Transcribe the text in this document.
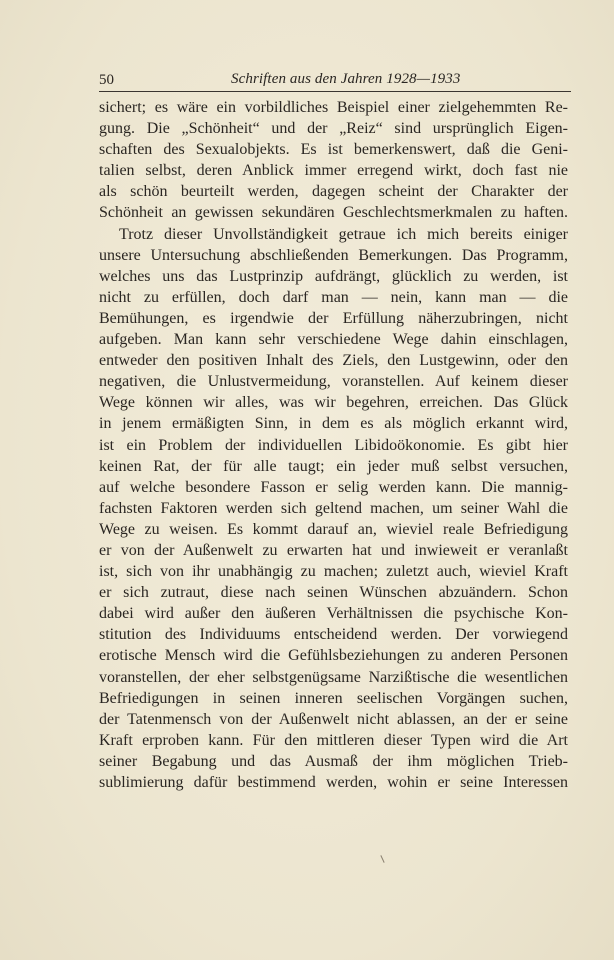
50	Schriften aus den Jahren 1928—1933
sichert; es wäre ein vorbildliches Beispiel einer zielgehemmten Re-
gung. Die „Schönheit“ und der „Reiz“ sind ursprünglich Eigen-
schaften des Sexualobjekts. Es ist bemerkenswert, daß die Geni-
talien selbst, deren Anblick immer erregend wirkt, doch fast nie
als schön beurteilt werden, dagegen scheint der Charakter der
Schönheit an gewissen sekundären Geschlechtsmerkmalen zu haften.
Trotz dieser Unvollständigkeit getraue ich mich bereits einiger
unsere Untersuchung abschließenden Bemerkungen. Das Programm,
welches uns das Lustprinzip aufdrängt, glücklich zu werden, ist
nicht zu erfüllen, doch darf man — nein, kann man — die
Bemühungen, es irgendwie der Erfüllung näherzubringen, nicht
aufgeben. Man kann sehr verschiedene Wege dahin einschlagen,
entweder den positiven Inhalt des Ziels, den Lustgewinn, oder den
negativen, die Unlustvermeidung, voranstellen. Auf keinem dieser
Wege können wir alles, was wir begehren, erreichen. Das Glück
in jenem ermäßigten Sinn, in dem es als möglich erkannt wird,
ist ein Problem der individuellen Libidoökonomie. Es gibt hier
keinen Rat, der für alle taugt; ein jeder muß selbst versuchen,
auf welche besondere Fasson er selig werden kann. Die mannig-
fachsten Faktoren werden sich geltend machen, um seiner Wahl die
Wege zu weisen. Es kommt darauf an, wieviel reale Befriedigung
er von der Außenwelt zu erwarten hat und inwieweit er veranlaßt
ist, sich von ihr unabhängig zu machen; zuletzt auch, wieviel Kraft
er sich zutraut, diese nach seinen Wünschen abzuändern. Schon
dabei wird außer den äußeren Verhältnissen die psychische Kon-
stitution des Individuums entscheidend werden. Der vorwiegend
erotische Mensch wird die Gefühlsbeziehungen zu anderen Personen
voranstellen, der eher selbstgenügsame Narzißtische die wesentlichen
Befriedigungen in seinen inneren seelischen Vorgängen suchen,
der Tatenmensch von der Außenwelt nicht ablassen, an der er seine
Kraft erproben kann. Für den mittleren dieser Typen wird die Art
seiner Begabung und das Ausmaß der ihm möglichen Trieb-
sublimierung dafür bestimmend werden, wohin er seine Interessen
